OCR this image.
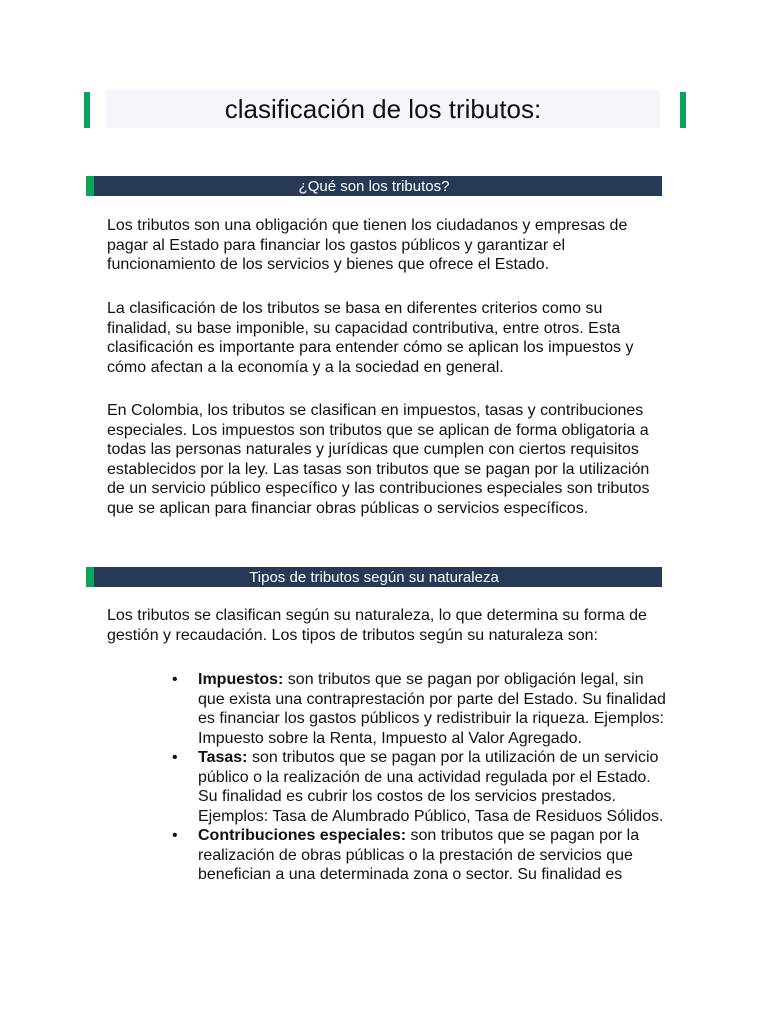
clasificación de los tributos:
¿Qué son los tributos?

Los tributos son una obligación que tienen los ciudadanos y empresas de pagar al Estado para financiar los gastos públicos y garantizar el funcionamiento de los servicios y bienes que ofrece el Estado.

La clasificación de los tributos se basa en diferentes criterios como su finalidad, su base imponible, su capacidad contributiva, entre otros. Esta clasificación es importante para entender cómo se aplican los impuestos y cómo afectan a la economía y a la sociedad en general.

En Colombia, los tributos se clasifican en impuestos, tasas y contribuciones especiales. Los impuestos son tributos que se aplican de forma obligatoria a todas las personas naturales y jurídicas que cumplen con ciertos requisitos establecidos por la ley. Las tasas son tributos que se pagan por la utilización de un servicio público específico y las contribuciones especiales son tributos que se aplican para financiar obras públicas o servicios específicos.

Tipos de tributos según su naturaleza

Los tributos se clasifican según su naturaleza, lo que determina su forma de gestión y recaudación. Los tipos de tributos según su naturaleza son:

• Impuestos: son tributos que se pagan por obligación legal, sin que exista una contraprestación por parte del Estado. Su finalidad es financiar los gastos públicos y redistribuir la riqueza. Ejemplos: Impuesto sobre la Renta, Impuesto al Valor Agregado.
• Tasas: son tributos que se pagan por la utilización de un servicio público o la realización de una actividad regulada por el Estado. Su finalidad es cubrir los costos de los servicios prestados. Ejemplos: Tasa de Alumbrado Público, Tasa de Residuos Sólidos.
• Contribuciones especiales: son tributos que se pagan por la realización de obras públicas o la prestación de servicios que benefician a una determinada zona o sector. Su finalidad es
